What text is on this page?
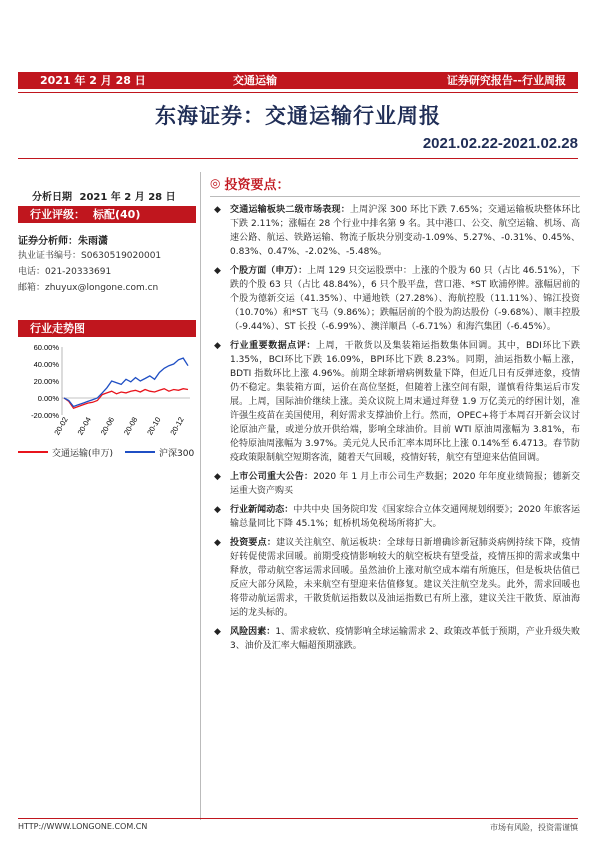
2021 年 2 月 28 日	交通运输	证券研究报告--行业周报
东海证券：交通运输行业周报
2021.02.22-2021.02.28
分析日期 2021 年 2 月 28 日
行业评级： 标配(40)
证券分析师：朱雨潇
执业证书编号：S0630519020001
电话：021-20333691
邮箱：zhuyux@longone.com.cn
行业走势图
60.00%
40.00%
20.00%
0.00%
-20.00%
20-02 20-04 20-06 20-08 20-10 20-12
交通运输(申万)	沪深300
◎ 投资要点：
◆ 交通运输板块二级市场表现：上周沪深 300 环比下跌 7.65%；交通运输板块整体环比下跌 2.11%；涨幅在 28 个行业中排名第 9 名。其中港口、公交、航空运输、机场、高速公路、航运、铁路运输、物流子版块分别变动-1.09%、5.27%、-0.31%、0.45%、0.83%、0.47%、-2.02%、-5.48%。
◆ 个股方面（申万）：上周 129 只交运股票中：上涨的个股为 60 只（占比 46.51%），下跌的个股 63 只（占比 48.84%），6 只个股平盘，营口港、*ST 欧浦停牌。涨幅居前的个股为德新交运（41.35%）、中通地铁（27.28%）、海航控股（11.11%）、锦江投资（10.70%）和*ST 飞马（9.86%）；跌幅居前的个股为韵达股份（-9.68%）、顺丰控股（-9.44%）、ST 长投（-6.99%）、澳洋顺昌（-6.71%）和海汽集团（-6.45%）。
◆ 行业重要数据点评：上周，干散货以及集装箱运指数集体回调。其中，BDI环比下跌 1.35%，BCI环比下跌 16.09%，BPI环比下跌 8.23%。同期，油运指数小幅上涨，BDTI 指数环比上涨 4.96%。前期全球新增病例数量下降，但近几日有反弹迹象，疫情仍不稳定。集装箱方面，运价在高位坚挺，但随着上涨空间有限，谨慎看待集运后市发展。上周，国际油价继续上涨。美众议院上周末通过拜登 1.9 万亿美元的纾困计划，准许强生疫苗在美国使用，利好需求支撑油价上行。然而，OPEC+将于本周召开新会议讨论原油产量，或逆分放开供给端，影响全球油价。目前 WTI 原油周涨幅为 3.81%，布伦特原油周涨幅为 3.97%。美元兑人民币汇率本周环比上涨 0.14%至 6.4713。春节防疫政策限制航空短期客流，随着天气回暖，疫情好转，航空有望迎来估值回调。
◆ 上市公司重大公告：2020 年 1 月上市公司生产数据；2020 年年度业绩简报；德新交运重大资产购买
◆ 行业新闻动态：中共中央 国务院印发《国家综合立体交通网规划纲要》；2020 年旅客运输总量同比下降 45.1%；虹桥机场免税场所将扩大。
◆ 投资要点：建议关注航空、航运板块：全球每日新增确诊新冠肺炎病例持续下降，疫情好转促使需求回暖。前期受疫情影响较大的航空板块有望受益，疫情压抑的需求或集中释放，带动航空客运需求回暖。虽然油价上涨对航空成本端有所施压，但是板块估值已反应大部分风险，未来航空有望迎来估值修复。建议关注航空龙头。此外，需求回暖也将带动航运需求，干散货航运指数以及油运指数已有所上涨，建议关注干散货、原油海运的龙头标的。
◆ 风险因素：1、需求疲软、疫情影响全球运输需求 2、政策改革低于预期，产业升级失败 3、油价及汇率大幅超预期涨跌。
HTTP://WWW.LONGONE.COM.CN	市场有风险，投资需谨慎
